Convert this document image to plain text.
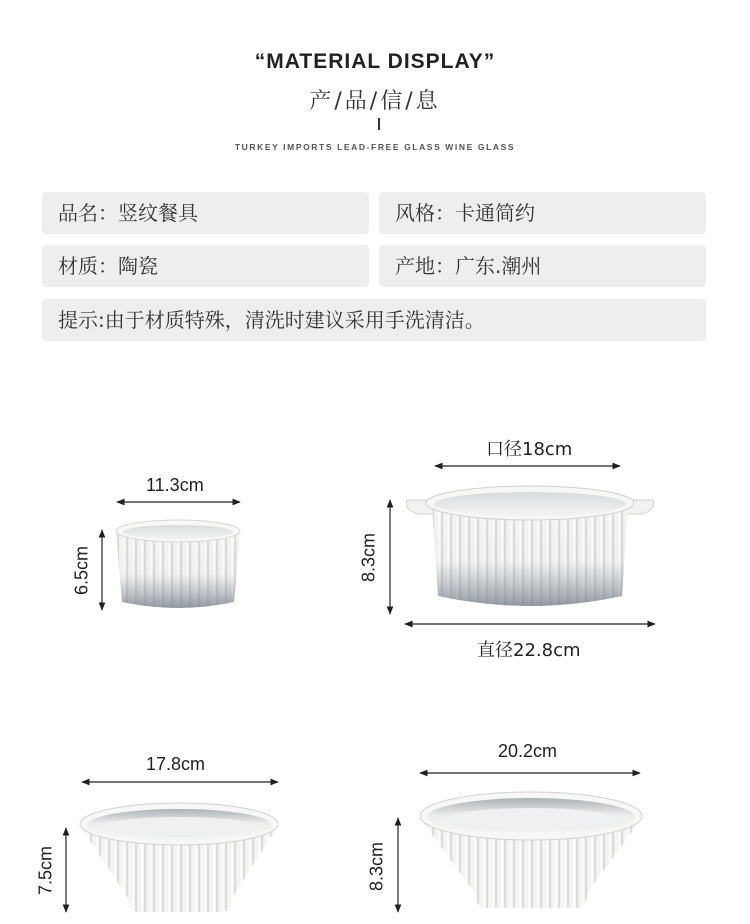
“MATERIAL DISPLAY”
产/品/信/息
TURKEY IMPORTS LEAD-FREE GLASS WINE GLASS
品名：竖纹餐具	风格：卡通简约
材质：陶瓷	产地：广东.潮州
提示:由于材质特殊，清洗时建议采用手洗清洁。
11.3cm
6.5cm
口径18cm
直径22.8cm
8.3cm
17.8cm
7.5cm
20.2cm
8.3cm
